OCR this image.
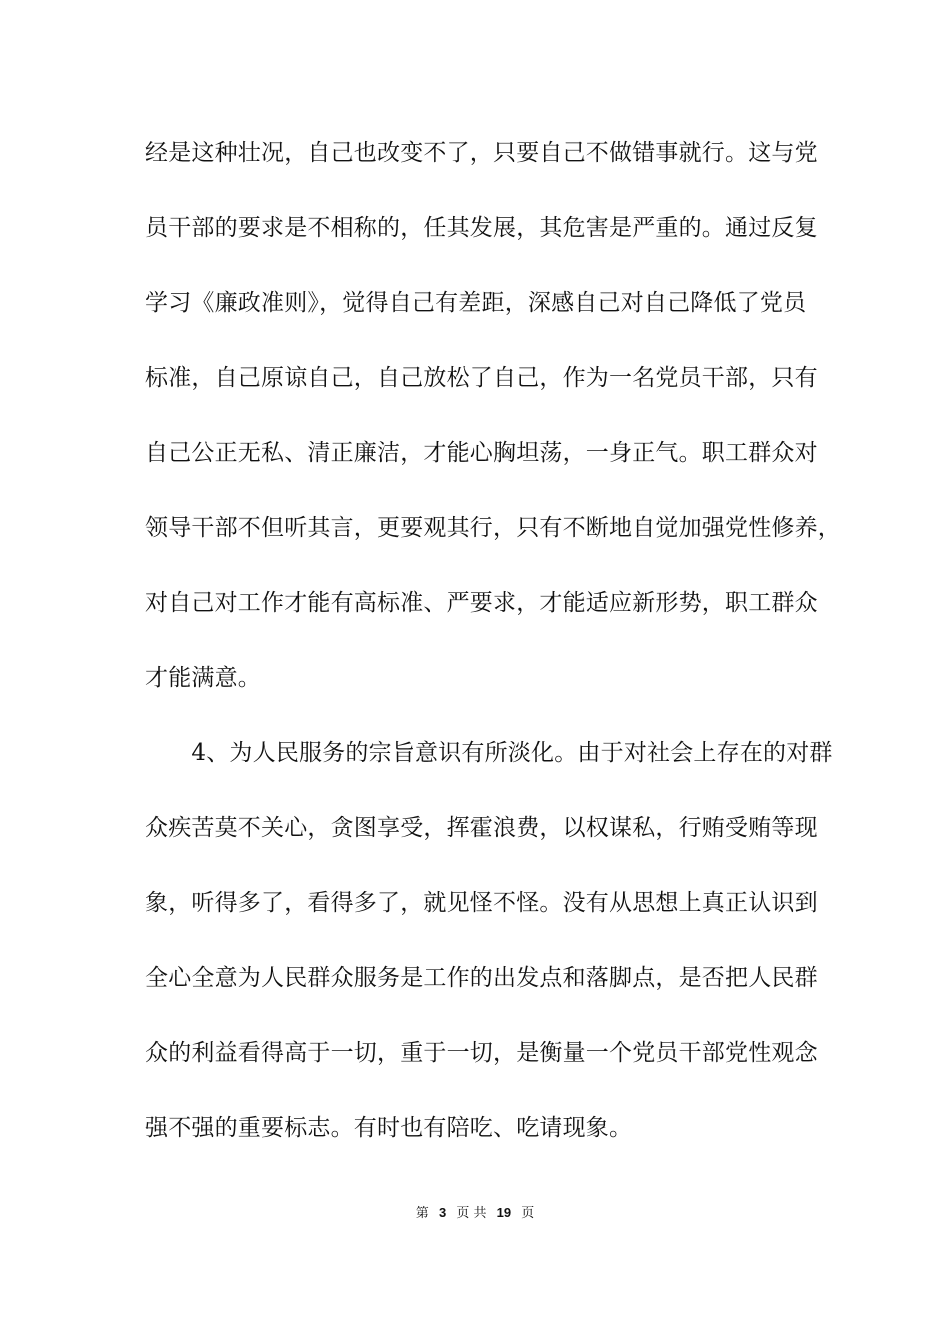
经是这种壮况，自己也改变不了，只要自己不做错事就行。这与党
员干部的要求是不相称的，任其发展，其危害是严重的。通过反复
学习《廉政准则》，觉得自己有差距，深感自己对自己降低了党员
标准，自己原谅自己，自己放松了自己，作为一名党员干部，只有
自己公正无私、清正廉洁，才能心胸坦荡，一身正气。职工群众对
领导干部不但听其言，更要观其行，只有不断地自觉加强党性修养，
对自己对工作才能有高标准、严要求，才能适应新形势，职工群众
才能满意。
　　4、为人民服务的宗旨意识有所淡化。由于对社会上存在的对群
众疾苦莫不关心，贪图享受，挥霍浪费，以权谋私，行贿受贿等现
象，听得多了，看得多了，就见怪不怪。没有从思想上真正认识到
全心全意为人民群众服务是工作的出发点和落脚点，是否把人民群
众的利益看得高于一切，重于一切，是衡量一个党员干部党性观念
强不强的重要标志。有时也有陪吃、吃请现象。
第 3 页 共 19 页
